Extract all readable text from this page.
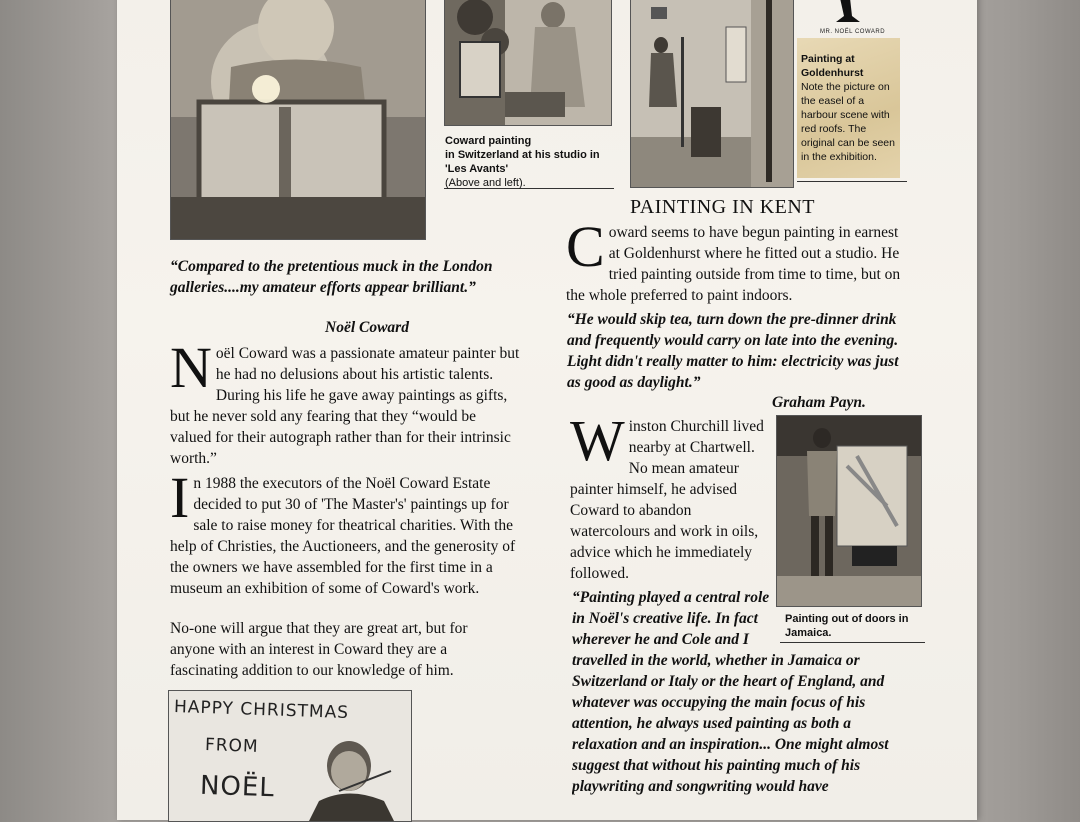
Coward painting
in Switzerland at his studio in
'Les Avants'
(Above and left).
MR. NOËL COWARD
Painting at
Goldenhurst
Note the picture on the easel of a harbour scene with red roofs. The original can be seen in the exhibition.
“Compared to the pretentious muck in the London galleries....my amateur efforts appear brilliant.”
Noël Coward
Noël Coward was a passionate amateur painter but he had no delusions about his artistic talents. During his life he gave away paintings as gifts, but he never sold any fearing that they “would be valued for their autograph rather than for their intrinsic worth.”
In 1988 the executors of the Noël Coward Estate decided to put 30 of 'The Master's' paintings up for sale to raise money for theatrical charities. With the help of Christies, the Auctioneers, and the generosity of the owners we have assembled for the first time in a museum an exhibition of some of Coward's work.
No-one will argue that they are great art, but for anyone with an interest in Coward they are a fascinating addition to our knowledge of him.
HAPPY CHRISTMAS
FROM
NOËL
PAINTING IN KENT
Coward seems to have begun painting in earnest at Goldenhurst where he fitted out a studio. He tried painting outside from time to time, but on the whole preferred to paint indoors.
“He would skip tea, turn down the pre-dinner drink and frequently would carry on late into the evening. Light didn't really matter to him: electricity was just as good as daylight.”
Graham Payn.
Winston Churchill lived nearby at Chartwell. No mean amateur painter himself, he advised Coward to abandon watercolours and work in oils, advice which he immediately followed.
Painting out of doors in
Jamaica.
“Painting played a central role in Noël's creative life. In fact wherever he and Cole and I travelled in the world, whether in Jamaica or Switzerland or Italy or the heart of England, and whatever was occupying the main focus of his attention, he always used painting as both a relaxation and an inspiration... One might almost suggest that without his painting much of his playwriting and songwriting would have
